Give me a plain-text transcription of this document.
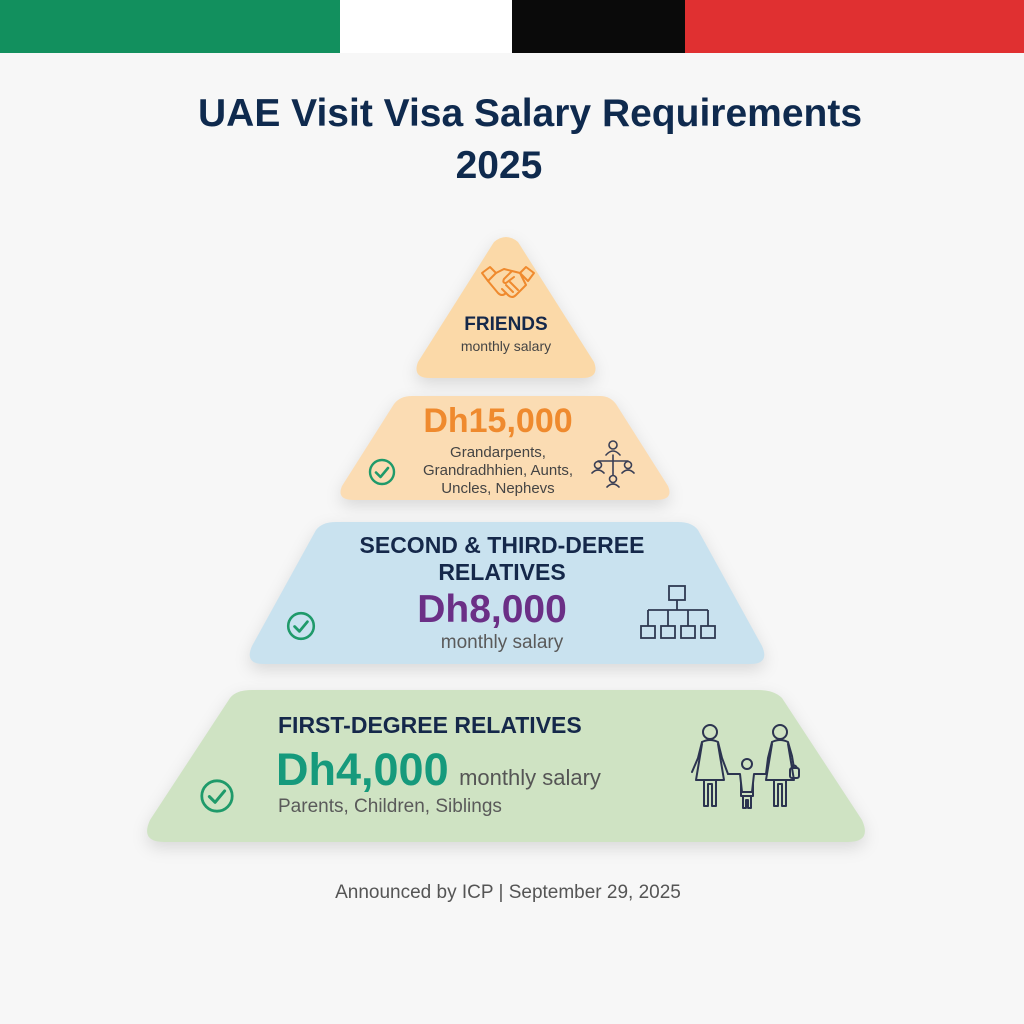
UAE Visit Visa Salary Requirements
2025
FRIENDS
monthly salary
Dh15,000
Grandarpents,
Grandradhhien, Aunts,
Uncles, Nephevs
SECOND & THIRD-DEREE
RELATIVES
Dh8,000
monthly salary
FIRST-DEGREE RELATIVES
Dh4,000 monthly salary
Parents, Children, Siblings
Announced by ICP | September 29, 2025
